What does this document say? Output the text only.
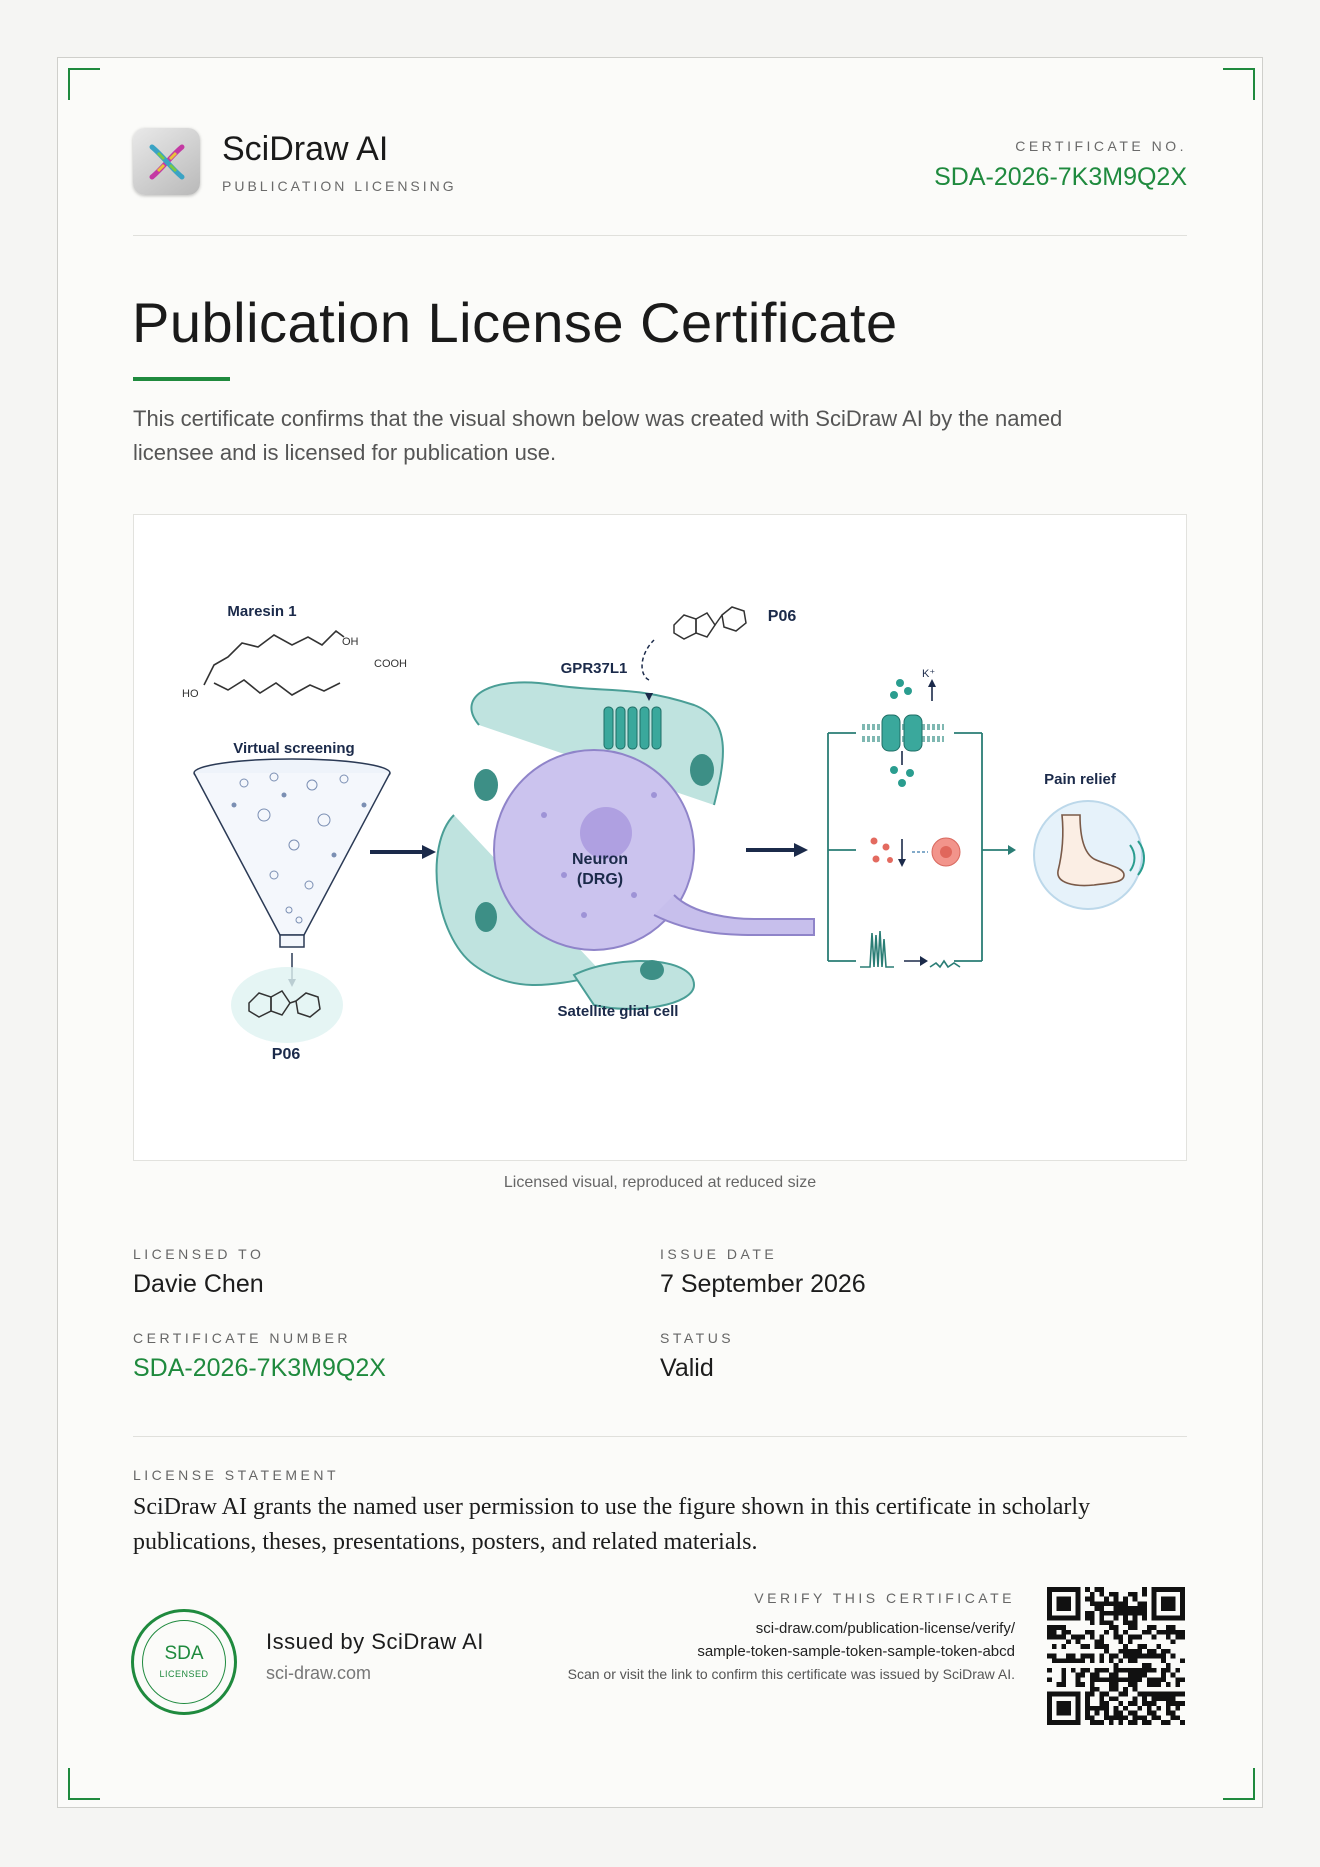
SciDraw AI
PUBLICATION LICENSING
CERTIFICATE NO.
SDA-2026-7K3M9Q2X
Publication License Certificate
This certificate confirms that the visual shown below was created with SciDraw AI by the named licensee and is licensed for publication use.
Maresin 1
OH
COOH
HO
Virtual screening
P06
Neuron
(DRG)
Satellite glial cell
GPR37L1
P06
K⁺
Pain relief
Licensed visual, reproduced at reduced size
LICENSED TO
Davie Chen
ISSUE DATE
7 September 2026
CERTIFICATE NUMBER
SDA-2026-7K3M9Q2X
STATUS
Valid
LICENSE STATEMENT
SciDraw AI grants the named user permission to use the figure shown in this certificate in scholarly publications, theses, presentations, posters, and related materials.
SDA
LICENSED
Issued by SciDraw AI
sci-draw.com
VERIFY THIS CERTIFICATE
sci-draw.com/publication-license/verify/
sample-token-sample-token-sample-token-abcd
Scan or visit the link to confirm this certificate was issued by SciDraw AI.
